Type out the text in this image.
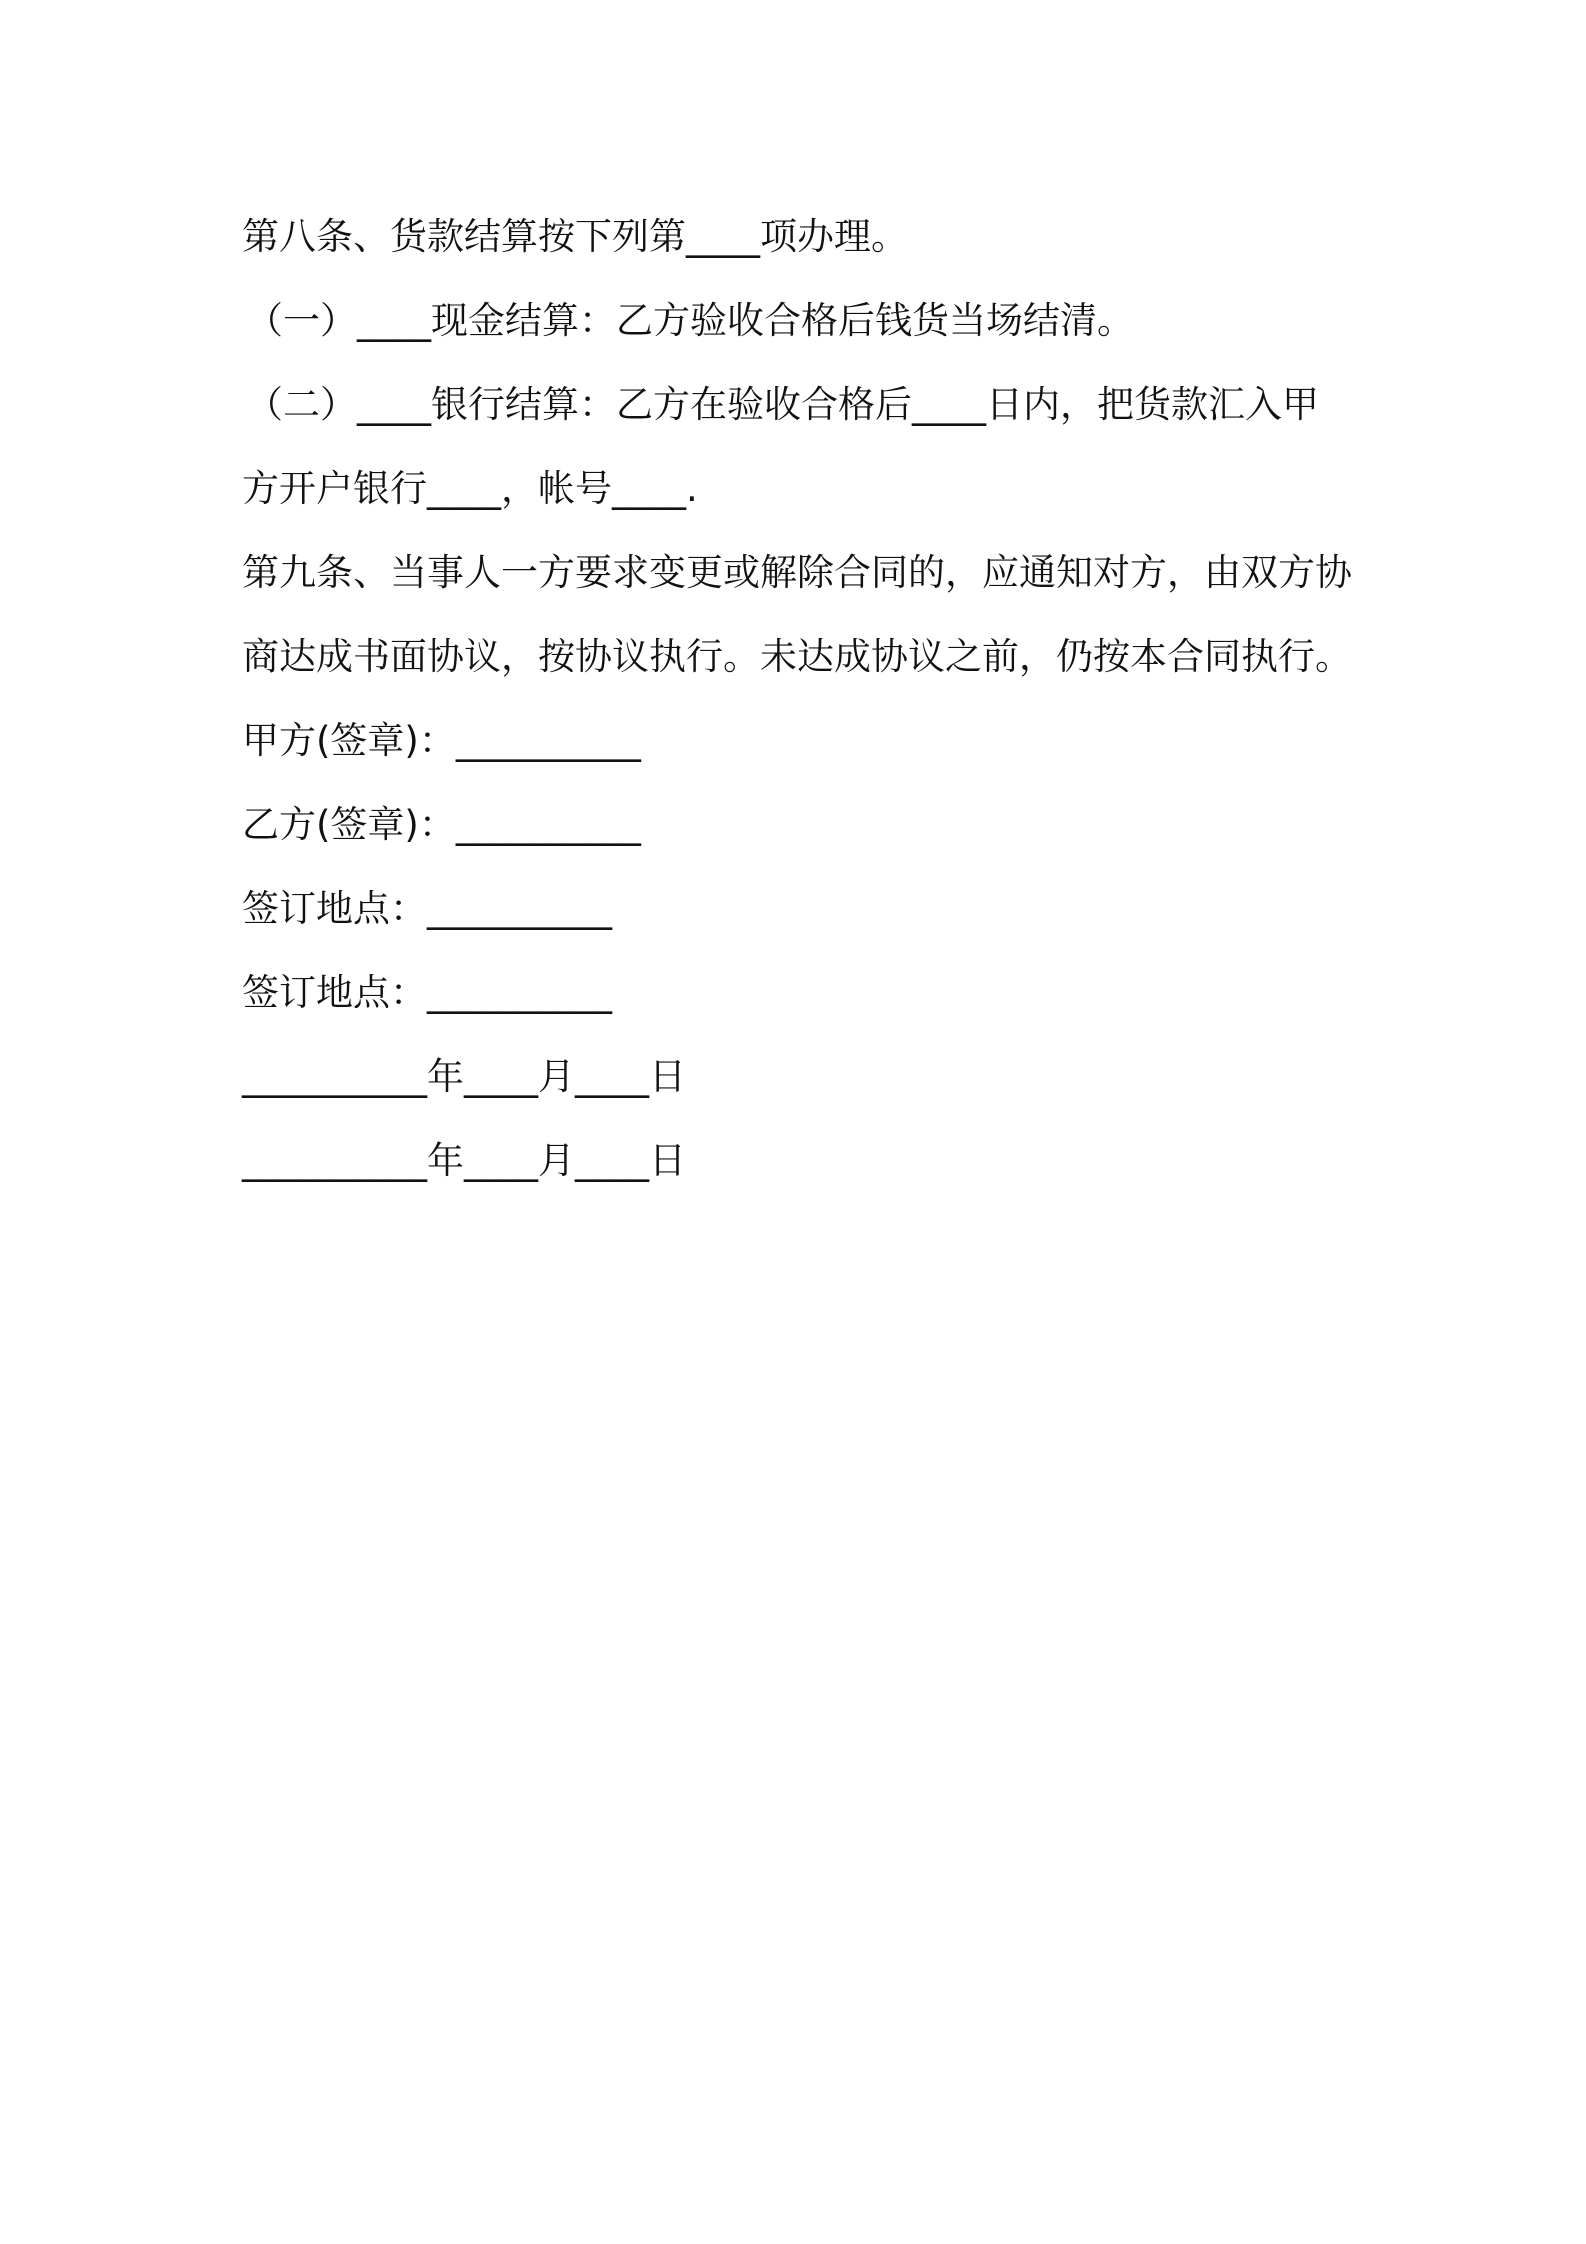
第八条、货款结算按下列第____项办理。

（一）____现金结算：乙方验收合格后钱货当场结清。

（二）____银行结算：乙方在验收合格后____日内，把货款汇入甲

方开户银行____，帐号____.

第九条、当事人一方要求变更或解除合同的，应通知对方，由双方协

商达成书面协议，按协议执行。未达成协议之前，仍按本合同执行。

甲方(签章)：__________

乙方(签章)：__________

签订地点：__________

签订地点：__________

__________年____月____日

__________年____月____日
